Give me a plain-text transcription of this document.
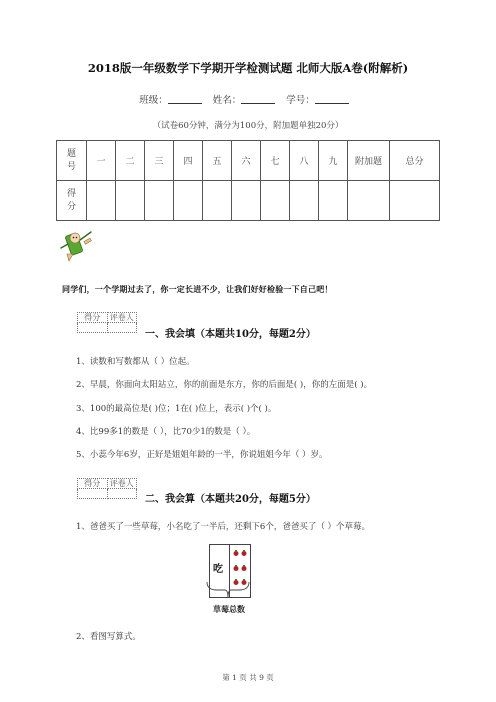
2018版一年级数学下学期开学检测试题 北师大版A卷(附解析)
班级：	姓名：	学号：
（试卷60分钟，满分为100分，附加题单独20分）
题号	一	二	三	四	五	六	七	八	九	附加题	总分
得分											
同学们，一个学期过去了，你一定长进不少，让我们好好检验一下自己吧！
得分	评卷人

一、我会填（本题共10分，每题2分）
1、读数和写数都从（ ）位起。
2、早晨，你面向太阳站立，你的前面是东方，你的后面是( )，你的左面是( )。
3、100的最高位是( )位；1在( )位上，表示( )个( )。
4、比99多1的数是（ ），比70少1的数是（ ）。
5、小蕊今年6岁，正好是姐姐年龄的一半，你说姐姐今年（ ）岁。
得分	评卷人

二、我会算（本题共20分，每题5分）
1、爸爸买了一些草莓，小名吃了一半后，还剩下6个，爸爸买了（ ）个草莓。
吃
草莓总数
2、看图写算式。
第 1 页 共 9 页
